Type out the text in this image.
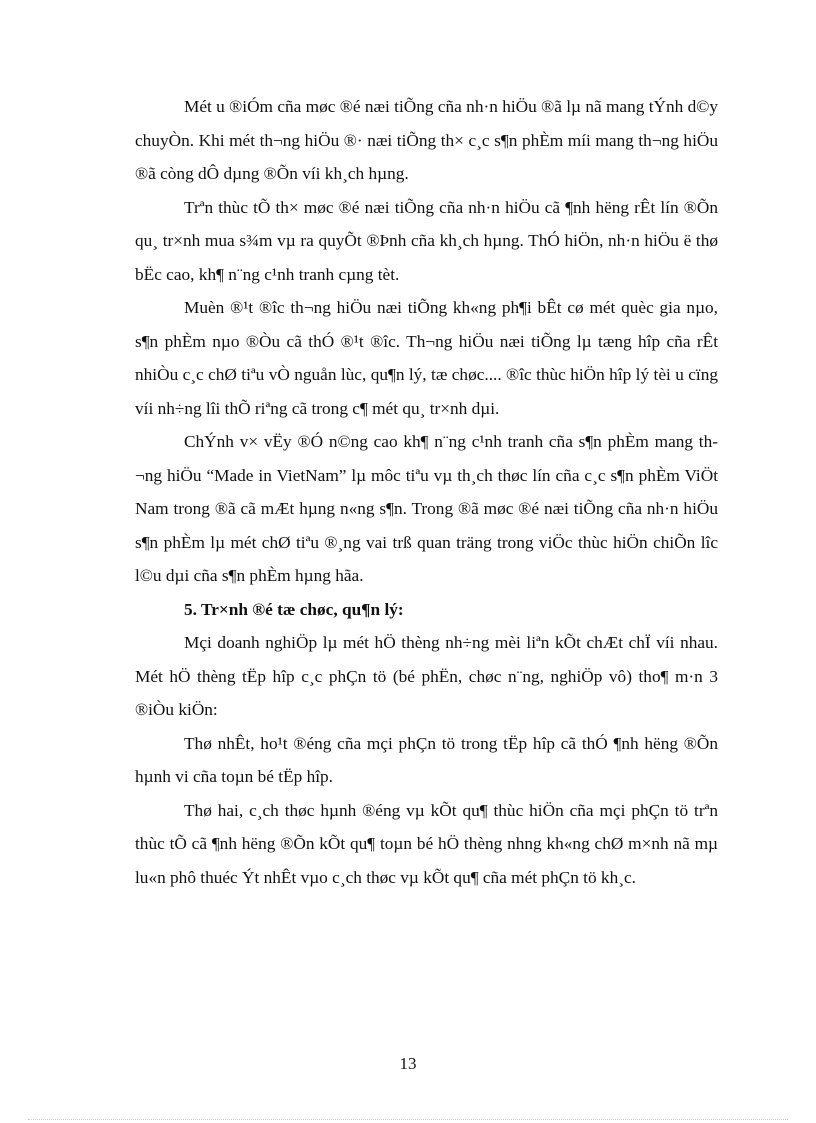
Mét u ®iÓm cña møc ®é næi tiÕng cña nh·n hiÖu ®ã lµ nã mang tÝnh d©y chuyÒn. Khi mét th¬ng hiÖu ®· næi tiÕng th× c¸c s¶n phÈm míi mang th¬ng hiÖu ®ã còng dÔ dµng ®Õn víi kh¸ch hµng.

Trªn thùc tÕ th× møc ®é næi tiÕng cña nh·n hiÖu cã ¶nh hëng rÊt lín ®Õn qu¸ tr×nh mua s¾m vµ ra quyÕt ®Þnh cña kh¸ch hµng. ThÓ hiÖn, nh·n hiÖu ë thø bËc cao, kh¶ n¨ng c¹nh tranh cµng tèt.

Muèn ®¹t ®îc th¬ng hiÖu næi tiÕng kh«ng ph¶i bÊt cø mét quèc gia nµo, s¶n phÈm nµo ®Òu cã thÓ ®¹t ®îc. Th¬ng hiÖu næi tiÕng lµ tæng hîp cña rÊt nhiÒu c¸c chØ tiªu vÒ nguån lùc, qu¶n lý, tæ chøc.... ®îc thùc hiÖn hîp lý tèi u cïng víi nh÷ng lîi thÕ riªng cã trong c¶ mét qu¸ tr×nh dµi.

ChÝnh v× vËy ®Ó n©ng cao kh¶ n¨ng c¹nh tranh cña s¶n phÈm mang th¬ng hiÖu “Made in VietNam” lµ môc tiªu vµ th¸ch thøc lín cña c¸c s¶n phÈm ViÖt Nam trong ®ã cã mÆt hµng n«ng s¶n. Trong ®ã møc ®é næi tiÕng cña nh·n hiÖu s¶n phÈm lµ mét chØ tiªu ®¸ng vai trß quan träng trong viÖc thùc hiÖn chiÕn lîc l©u dµi cña s¶n phÈm hµng hãa.

5. Tr×nh ®é tæ chøc, qu¶n lý:

Mçi doanh nghiÖp lµ mét hÖ thèng nh÷ng mèi liªn kÕt chÆt chÏ víi nhau. Mét hÖ thèng tËp hîp c¸c phÇn tö (bé phËn, chøc n¨ng, nghiÖp vô) tho¶ m·n 3 ®iÒu kiÖn:

Thø nhÊt, ho¹t ®éng cña mçi phÇn tö trong tËp hîp cã thÓ ¶nh hëng ®Õn hµnh vi cña toµn bé tËp hîp.

Thø hai, c¸ch thøc hµnh ®éng vµ kÕt qu¶ thùc hiÖn cña mçi phÇn tö trªn thùc tÕ cã ¶nh hëng ®Õn kÕt qu¶ toµn bé hÖ thèng nhng kh«ng chØ m×nh nã mµ lu«n phô thuéc Ýt nhÊt vµo c¸ch thøc vµ kÕt qu¶ cña mét phÇn tö kh¸c.

13
